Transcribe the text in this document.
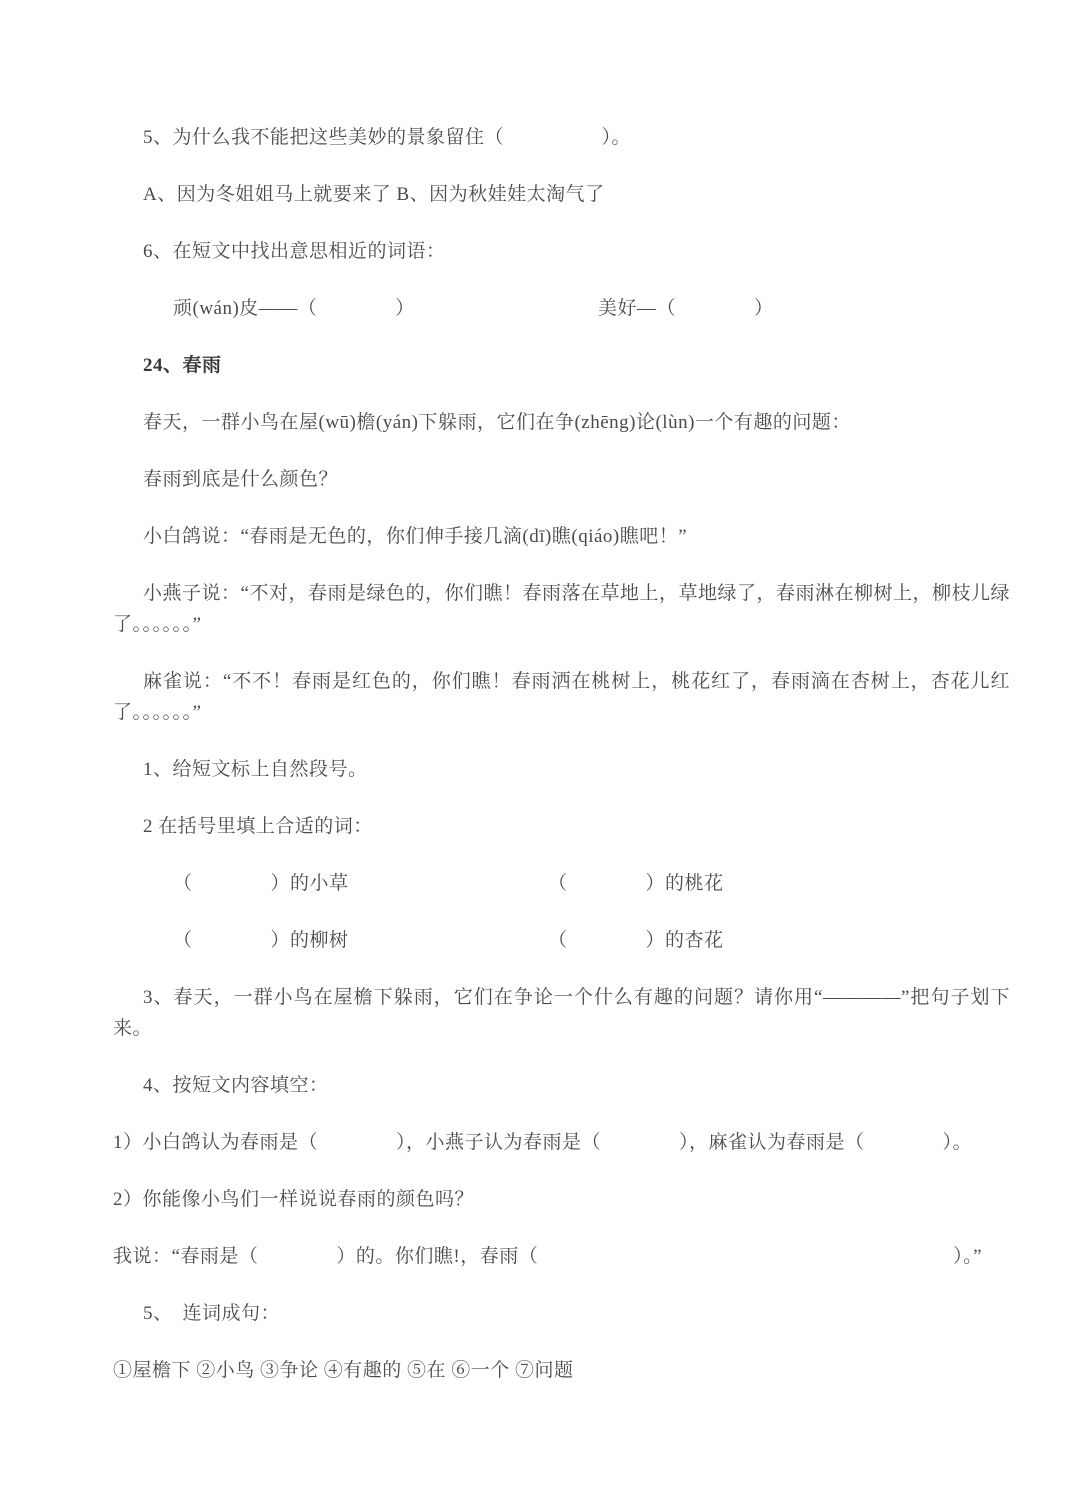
5、为什么我不能把这些美妙的景象留住（　　　　　）。

A、因为冬姐姐马上就要来了 B、因为秋娃娃太淘气了

6、在短文中找出意思相近的词语：

顽(wán)皮——（　　　　）	美好—（　　　　）

24、春雨

春天，一群小鸟在屋(wū)檐(yán)下躲雨，它们在争(zhēng)论(lùn)一个有趣的问题：

春雨到底是什么颜色？

小白鸽说：“春雨是无色的，你们伸手接几滴(dī)瞧(qiáo)瞧吧！”

小燕子说：“不对，春雨是绿色的，你们瞧！春雨落在草地上，草地绿了，春雨淋在柳树上，柳枝儿绿了。。。。。。”

麻雀说：“不不！春雨是红色的，你们瞧！春雨洒在桃树上，桃花红了，春雨滴在杏树上，杏花儿红了。。。。。。”

1、给短文标上自然段号。

2 在括号里填上合适的词：

（　　　　）的小草	（　　　　）的桃花

（　　　　）的柳树	（　　　　）的杏花

3、春天，一群小鸟在屋檐下躲雨，它们在争论一个什么有趣的问题？请你用“————”把句子划下来。

4、按短文内容填空：

1）小白鸽认为春雨是（　　　　），小燕子认为春雨是（　　　　），麻雀认为春雨是（　　　　）。

2）你能像小鸟们一样说说春雨的颜色吗？

我说：“春雨是（　　　　）的。你们瞧!，春雨（	）。”

5、　连词成句：

①屋檐下 ②小鸟 ③争论 ④有趣的 ⑤在 ⑥一个 ⑦问题
